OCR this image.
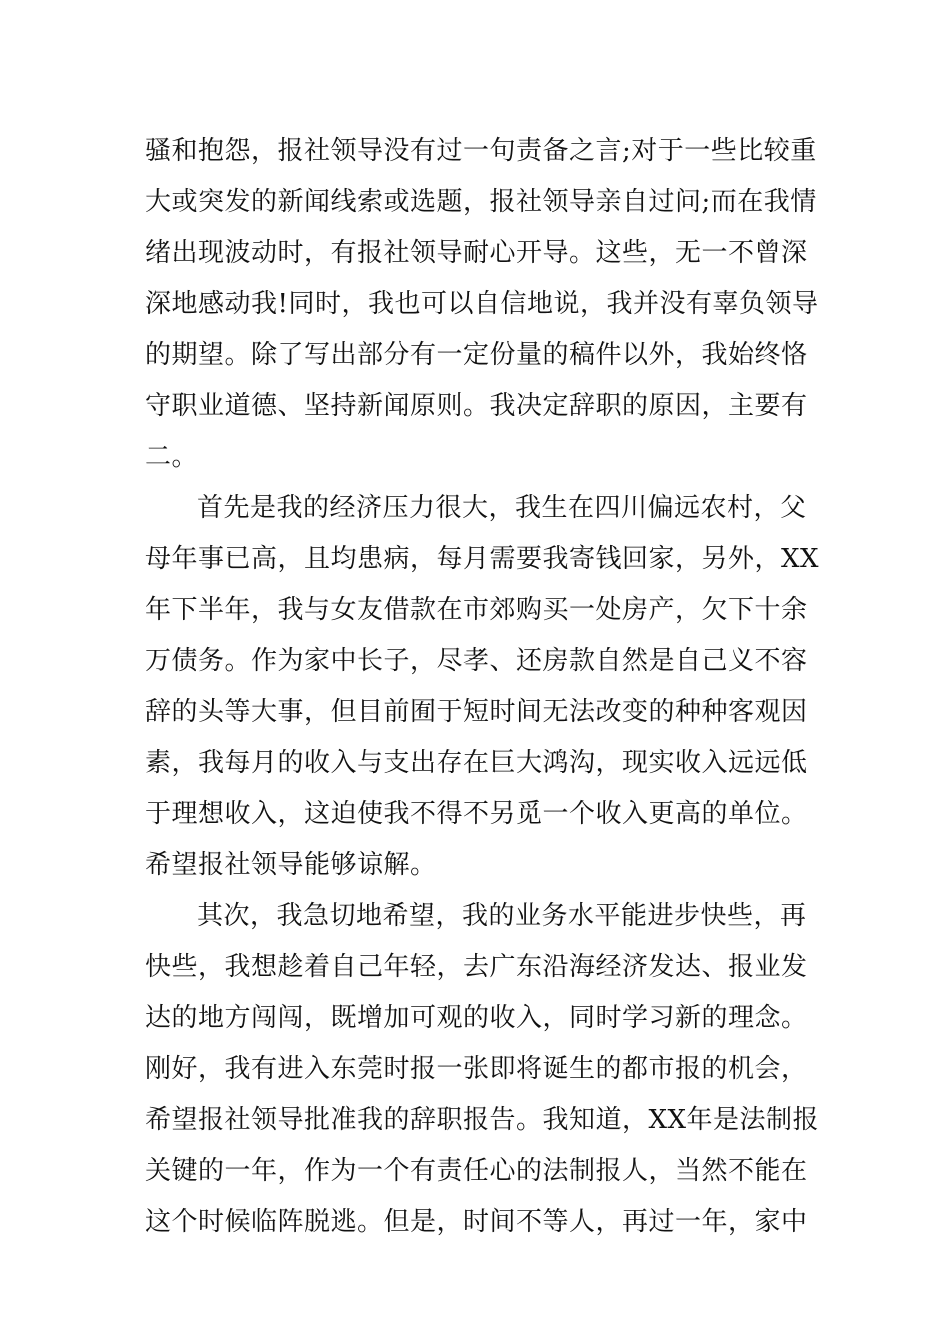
骚和抱怨，报社领导没有过一句责备之言;对于一些比较重
大或突发的新闻线索或选题，报社领导亲自过问;而在我情
绪出现波动时，有报社领导耐心开导。这些，无一不曾深
深地感动我!同时，我也可以自信地说，我并没有辜负领导
的期望。除了写出部分有一定份量的稿件以外，我始终恪
守职业道德、坚持新闻原则。我决定辞职的原因，主要有
二。
首先是我的经济压力很大，我生在四川偏远农村，父
母年事已高，且均患病，每月需要我寄钱回家，另外，XX
年下半年，我与女友借款在市郊购买一处房产，欠下十余
万债务。作为家中长子，尽孝、还房款自然是自己义不容
辞的头等大事，但目前囿于短时间无法改变的种种客观因
素，我每月的收入与支出存在巨大鸿沟，现实收入远远低
于理想收入，这迫使我不得不另觅一个收入更高的单位。
希望报社领导能够谅解。
其次，我急切地希望，我的业务水平能进步快些，再
快些，我想趁着自己年轻，去广东沿海经济发达、报业发
达的地方闯闯，既增加可观的收入，同时学习新的理念。
刚好，我有进入东莞时报一张即将诞生的都市报的机会，
希望报社领导批准我的辞职报告。我知道，XX年是法制报
关键的一年，作为一个有责任心的法制报人，当然不能在
这个时候临阵脱逃。但是，时间不等人，再过一年，家中
